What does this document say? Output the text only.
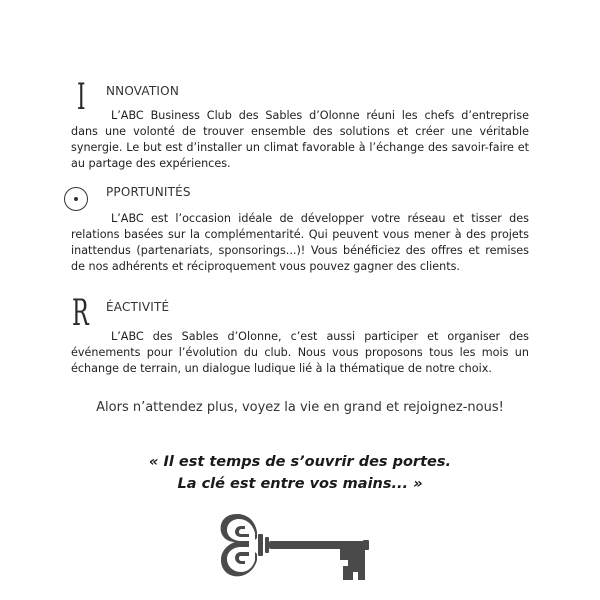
I NNOVATION

L’ABC Business Club des Sables d’Olonne réuni les chefs d’entreprise dans une volonté de trouver ensemble des solutions et créer une véritable synergie. Le but est d’installer un climat favorable à l’échange des savoir-faire et au partage des expériences.

PPORTUNITÉS

L’ABC est l’occasion idéale de développer votre réseau et tisser des relations basées sur la complémentarité. Qui peuvent vous mener à des projets inattendus (partenariats, sponsorings...)! Vous bénéficiez des offres et remises de nos adhérents et réciproquement vous pouvez gagner des clients.

R ÉACTIVITÉ

L’ABC des Sables d’Olonne, c’est aussi participer et organiser des événements pour l’évolution du club. Nous vous proposons tous les mois un échange de terrain, un dialogue ludique lié à la thématique de notre choix.

Alors n’attendez plus, voyez la vie en grand et rejoignez-nous!
« Il est temps de s’ouvrir des portes.
La clé est entre vos mains... »
